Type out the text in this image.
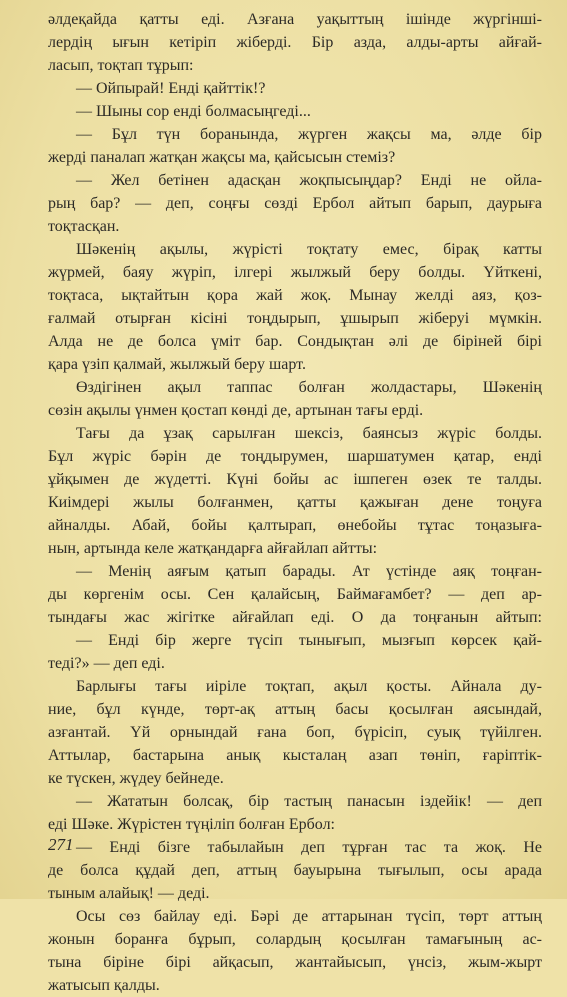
әлдеқайда қатты еді. Азғана уақыттың ішінде жүргінші-
лердің ығын кетіріп жіберді. Бір азда, алды-арты айғай-
ласып, тоқтап тұрып:
— Ойпырай! Енді қайттік!?
— Шыны сор енді болмасыңгеді...
— Бұл түн боранында, жүрген жақсы ма, әлде бір
жерді паналап жатқан жақсы ма, қайсысын стеміз?
— Жел бетінен адасқан жоқпысыңдар? Енді не ойла-
рың бар? — деп, соңғы сөзді Ербол айтып барып, даурыға
тоқтасқан.
Шәкенің ақылы, жүрісті тоқтату емес, бірақ катты
жүрмей, баяу жүріп, ілгері жылжый беру болды. Үйткені,
тоқтаса, ықтайтын қора жай жоқ. Мынау желді аяз, қоз-
ғалмай отырған кісіні тоңдырып, ұшырып жіберуі мүмкін.
Алда не де болса үміт бар. Сондықтан әлі де біріней бірі
қара үзіп қалмай, жылжый беру шарт.
Өздігінен ақыл таппас болған жолдастары, Шәкенің
сөзін ақылы үнмен қостап көнді де, артынан тағы ерді.
Тағы да ұзақ сарылған шексіз, баянсыз жүріс болды.
Бұл жүріс бәрін де тоңдырумен, шаршатумен қатар, енді
ұйқымен де жүдетті. Күні бойы ас ішпеген өзек те талды.
Киімдері жылы болғанмен, қатты қажыған дене тоңуға
айналды. Абай, бойы қалтырап, өнебойы тұтас тоңазыға-
нын, артында келе жатқандарға айғайлап айтты:
— Менің аяғым қатып барады. Ат үстінде аяқ тоңған-
ды көргенім осы. Сен қалайсың, Баймағамбет? — деп ар-
тындағы жас жігітке айғайлап еді. О да тоңғанын айтып:
— Енді бір жерге түсіп тынығып, мызғып көрсек қай-
теді?» — деп еді.
Барлығы тағы иіріле тоқтап, ақыл қосты. Айнала ду-
ние, бұл күнде, төрт-ақ аттың басы қосылған аясындай,
азғантай. Үй орнындай ғана боп, бүрісіп, суық түйілген.
Аттылар, бастарына анық кысталаң азап төніп, ғаріптік-
ке түскен, жүдеу бейнеде.
— Жататын болсақ, бір тастың панасын іздейік! — деп
еді Шәке. Жүрістен түңіліп болған Ербол:
— Енді бізге табылайын деп тұрған тас та жоқ. Не
де болса құдай деп, аттың бауырына тығылып, осы арада
тыным алайық! — деді.
Осы сөз байлау еді. Бәрі де аттарынан түсіп, төрт аттың
жонын боранға бұрып, солардың қосылған тамағының ас-
тына біріне бірі айқасып, жантайысып, үнсіз, жым-жырт
жатысып қалды.
271
